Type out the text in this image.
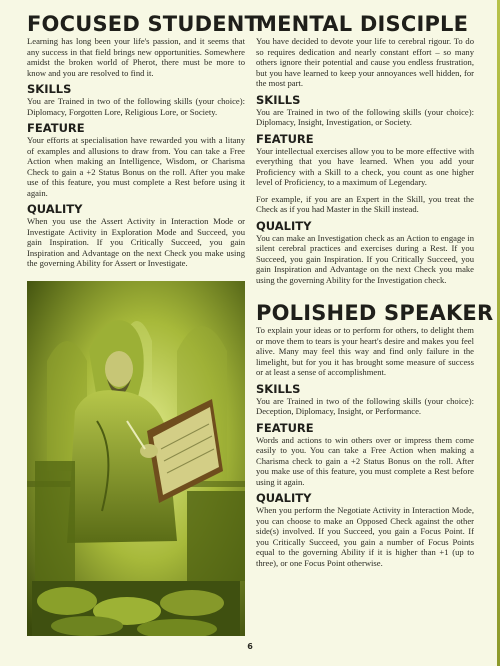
FOCUSED STUDENT

Learning has long been your life's passion, and it seems that any success in that field brings new opportunities. Somewhere amidst the broken world of Pherot, there must be more to know and you are resolved to find it.

SKILLS

You are Trained in two of the following skills (your choice): Diplomacy, Forgotten Lore, Religious Lore, or Society.

FEATURE

Your efforts at specialisation have rewarded you with a litany of examples and allusions to draw from. You can take a Free Action when making an Intelligence, Wisdom, or Charisma Check to gain a +2 Status Bonus on the roll. After you make use of this feature, you must complete a Rest before using it again.

QUALITY

When you use the Assert Activity in Interaction Mode or Investigate Activity in Exploration Mode and Succeed, you gain Inspiration. If you Critically Succeed, you gain Inspiration and Advantage on the next Check you make using the governing Ability for Assert or Investigate.

MENTAL DISCIPLE

You have decided to devote your life to cerebral rigour. To do so requires dedication and nearly constant effort – so many others ignore their potential and cause you endless frustration, but you have learned to keep your annoyances well hidden, for the most part.

SKILLS

You are Trained in two of the following skills (your choice): Diplomacy, Insight, Investigation, or Society.

FEATURE

Your intellectual exercises allow you to be more effective with everything that you have learned. When you add your Proficiency with a Skill to a check, you count as one higher level of Proficiency, to a maximum of Legendary.

For example, if you are an Expert in the Skill, you treat the Check as if you had Master in the Skill instead.

QUALITY

You can make an Investigation check as an Action to engage in silent cerebral practices and exercises during a Rest. If you Succeed, you gain Inspiration. If you Critically Succeed, you gain Inspiration and Advantage on the next Check you make using the governing Ability for the Investigation check.

POLISHED SPEAKER

To explain your ideas or to perform for others, to delight them or move them to tears is your heart's desire and makes you feel alive. Many may feel this way and find only failure in the limelight, but for you it has brought some measure of success or at least a sense of accomplishment.

SKILLS

You are Trained in two of the following skills (your choice): Deception, Diplomacy, Insight, or Performance.

FEATURE

Words and actions to win others over or impress them come easily to you. You can take a Free Action when making a Charisma check to gain a +2 Status Bonus on the roll. After you make use of this feature, you must complete a Rest before using it again.

QUALITY

When you perform the Negotiate Activity in Interaction Mode, you can choose to make an Opposed Check against the other side(s) involved. If you Succeed, you gain a Focus Point. If you Critically Succeed, you gain a number of Focus Points equal to the governing Ability if it is higher than +1 (up to three), or one Focus Point otherwise.

6
